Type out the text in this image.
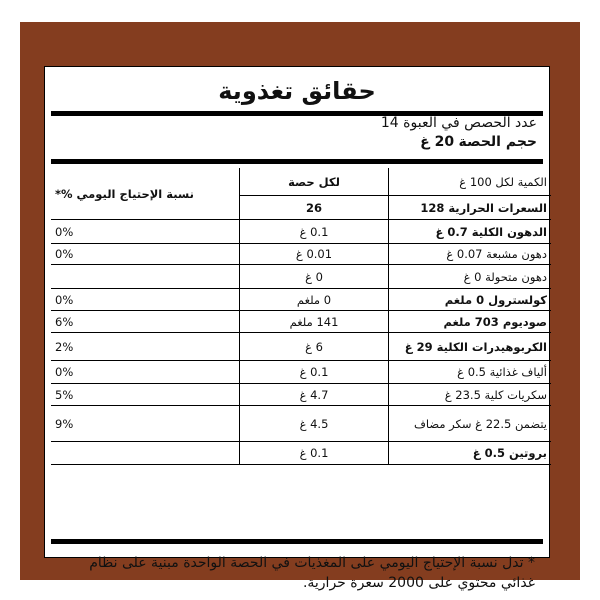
حقائق تغذوية
عدد الحصص في العبوة 14
حجم الحصة 20 غ
الكمية لكل 100 غ	لكل حصة	نسبة الإحتياج اليومي %*
السعرات الحرارية 128	26	
الدهون الكلية 0.7 غ	0.1 غ	0%
دهون مشبعة 0.07 غ	0.01 غ	0%
دهون متحولة 0 غ	0 غ	
كولسترول 0 ملغم	0 ملغم	0%
صوديوم 703 ملغم	141 ملغم	6%
الكربوهيدرات الكلية 29 غ	6 غ	2%
ألياف غذائية 0.5 غ	0.1 غ	0%
سكريات كلية 23.5 غ	4.7 غ	5%
يتضمن 22.5 غ سكر مضاف	4.5 غ	9%
بروتين 0.5 غ	0.1 غ	
* تدل نسبة الإحتياج اليومي على المغذيات في الحصة الواحدة مبنية على نظام غذائي محتوي على 2000 سعرة حرارية.
